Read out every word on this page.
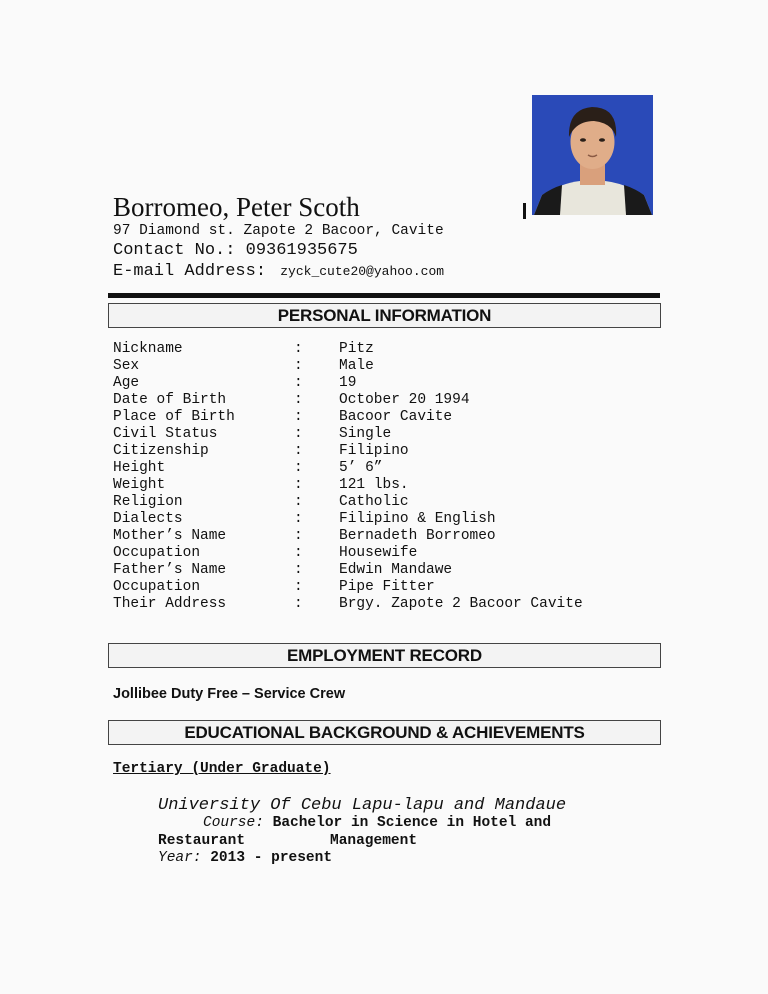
Borromeo, Peter Scoth
97 Diamond st. Zapote 2 Bacoor, Cavite
Contact No.: 09361935675
E-mail Address: zyck_cute20@yahoo.com
PERSONAL INFORMATION
Nickname	:	Pitz
Sex	:	Male
Age	:	19
Date of Birth	:	October 20 1994
Place of Birth	:	Bacoor Cavite
Civil Status	:	Single
Citizenship	:	Filipino
Height	:	5’ 6”
Weight	:	121 lbs.
Religion	:	Catholic
Dialects	:	Filipino & English
Mother’s Name	:	Bernadeth Borromeo
Occupation	:	Housewife
Father’s Name	:	Edwin Mandawe
Occupation	:	Pipe Fitter
Their Address	:	Brgy. Zapote 2 Bacoor Cavite
EMPLOYMENT RECORD
Jollibee Duty Free – Service Crew
EDUCATIONAL BACKGROUND & ACHIEVEMENTS
Tertiary (Under Graduate)
University Of Cebu Lapu-lapu and Mandaue
Course: Bachelor in Science in Hotel and
Restaurant	Management
Year: 2013 - present
